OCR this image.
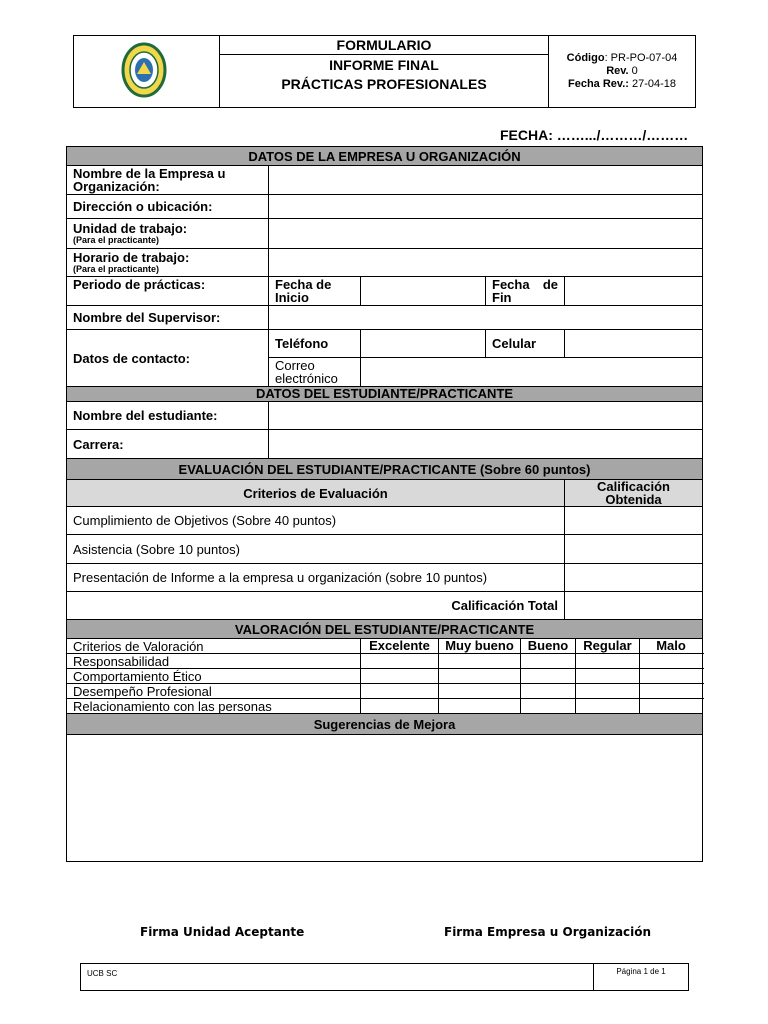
FORMULARIO
INFORME FINAL
PRÁCTICAS PROFESIONALES
Código: PR-PO-07-04
Rev. 0
Fecha Rev.: 27-04-18
FECHA: …….../………/………
DATOS DE LA EMPRESA U ORGANIZACIÓN				
Nombre de la Empresa u Organización:				
Dirección o ubicación:				
Unidad de trabajo:
(Para el practicante)				

Horario de trabajo:
(Para el practicante)				

Periodo de prácticas:	Fecha de Inicio		Fecha de Fin	
Nombre del Supervisor:				
Datos de contacto:	Teléfono		Celular	
	Correo electrónico			
DATOS DEL ESTUDIANTE/PRACTICANTE				
Nombre del estudiante:				
Carrera:				
EVALUACIÓN DEL ESTUDIANTE/PRACTICANTE (Sobre 60 puntos)				
Criterios de Evaluación				Calificación Obtenida
Cumplimiento de Objetivos (Sobre 40 puntos)				
Asistencia (Sobre 10 puntos)				
Presentación de Informe a la empresa u organización (sobre 10 puntos)				
Calificación Total				
VALORACIÓN DEL ESTUDIANTE/PRACTICANTE				
Criterios de Valoración		Excelente Muy bueno Bueno Regular Malo		

Responsabilidad				

Comportamiento Ético				

Desempeño Profesional				

Relacionamiento con las personas				

Sugerencias de Mejora				

Firma Unidad Aceptante	Firma Empresa u Organización
UCB SC	Página 1 de 1
